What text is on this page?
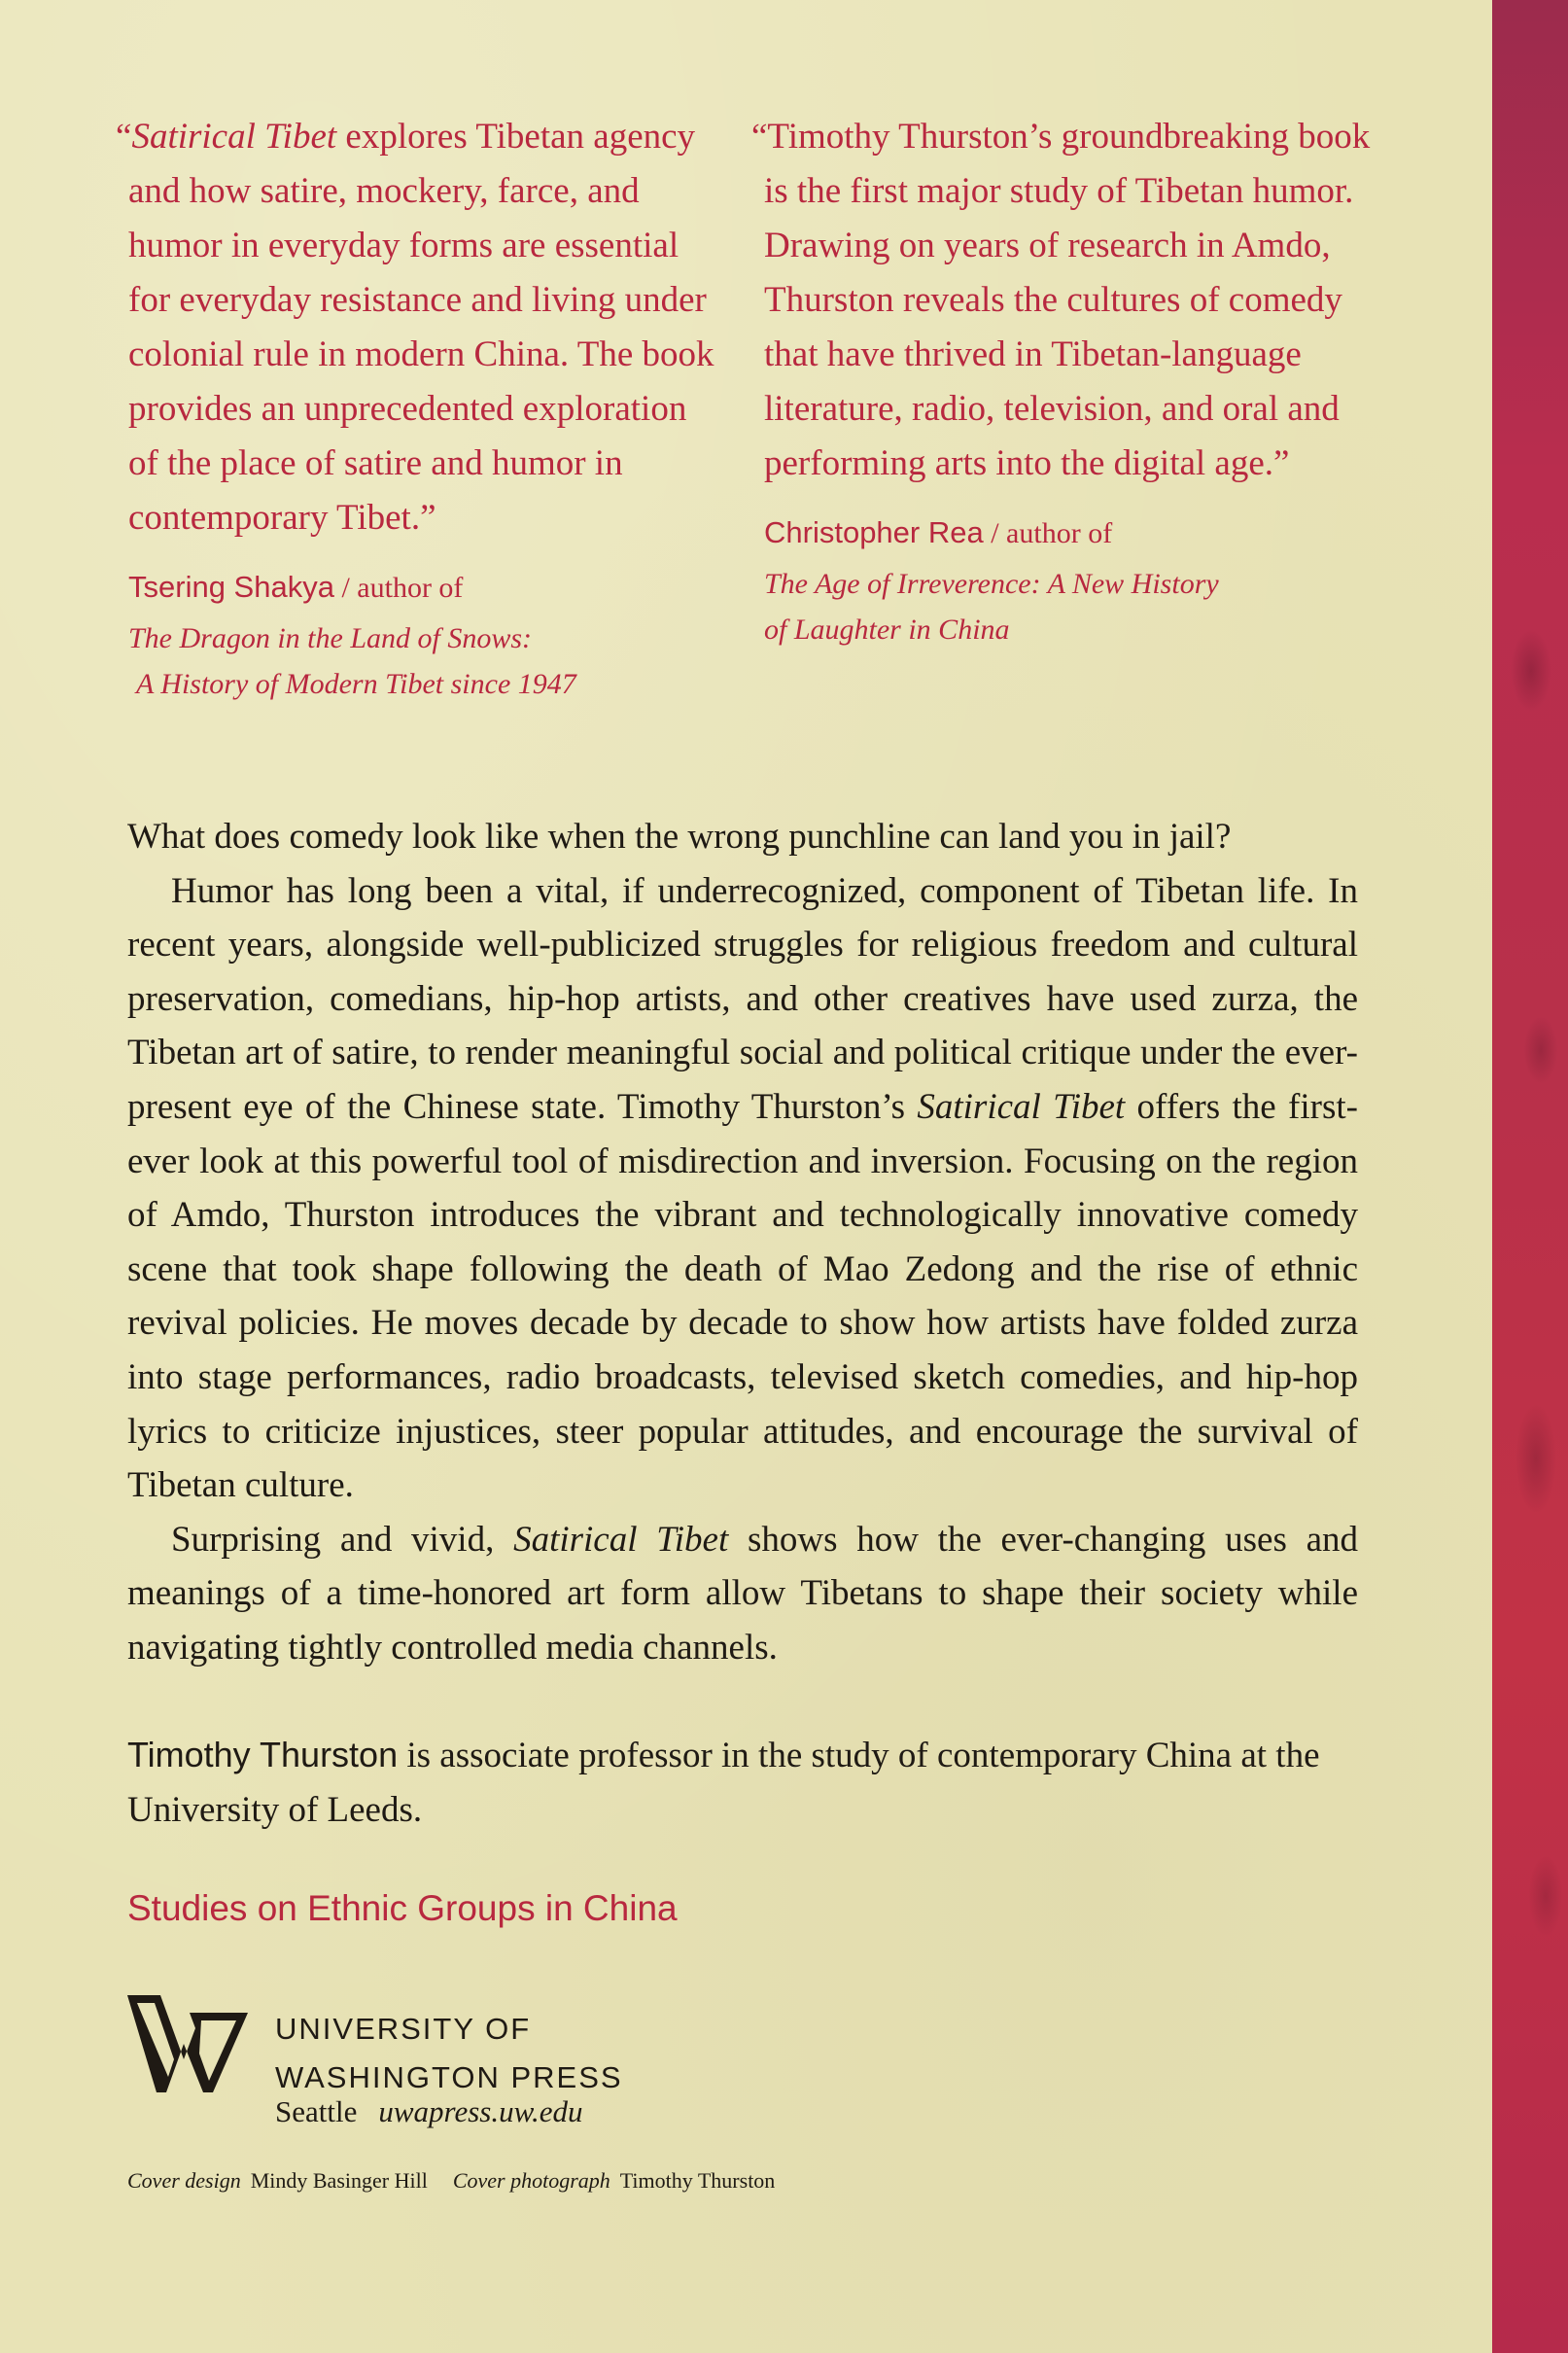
“Satirical Tibet explores Tibetan agency and how satire, mockery, farce, and humor in everyday forms are essential for everyday resistance and living under colonial rule in modern China. The book provides an unprecedented exploration of the place of satire and humor in contemporary Tibet.”

Tsering Shakya / author of
The Dragon in the Land of Snows:
A History of Modern Tibet since 1947

“Timothy Thurston’s groundbreaking book is the first major study of Tibetan humor. Drawing on years of research in Amdo, Thurston reveals the cultures of comedy that have thrived in Tibetan-language literature, radio, television, and oral and performing arts into the digital age.”

Christopher Rea / author of
The Age of Irreverence: A New History
of Laughter in China

What does comedy look like when the wrong punchline can land you in jail?

Humor has long been a vital, if underrecognized, component of Tibetan life. In recent years, alongside well-publicized struggles for religious freedom and cultural preservation, comedians, hip-hop artists, and other creatives have used zurza, the Tibetan art of satire, to render meaningful social and political critique under the ever-present eye of the Chinese state. Timothy Thurston’s Satirical Tibet offers the first-ever look at this powerful tool of misdirection and inversion. Focusing on the region of Amdo, Thurston introduces the vibrant and technologically innovative comedy scene that took shape following the death of Mao Zedong and the rise of ethnic revival policies. He moves decade by decade to show how artists have folded zurza into stage performances, radio broadcasts, televised sketch comedies, and hip-hop lyrics to criticize injustices, steer popular attitudes, and encourage the survival of Tibetan culture.

Surprising and vivid, Satirical Tibet shows how the ever-changing uses and meanings of a time-honored art form allow Tibetans to shape their society while navigating tightly controlled media channels.

Timothy Thurston is associate professor in the study of contemporary China at the University of Leeds.
Studies on Ethnic Groups in China
UNIVERSITY OF
WASHINGTON PRESS
Seattle uwapress.uw.edu
Cover design Mindy Basinger Hill Cover photograph Timothy Thurston
